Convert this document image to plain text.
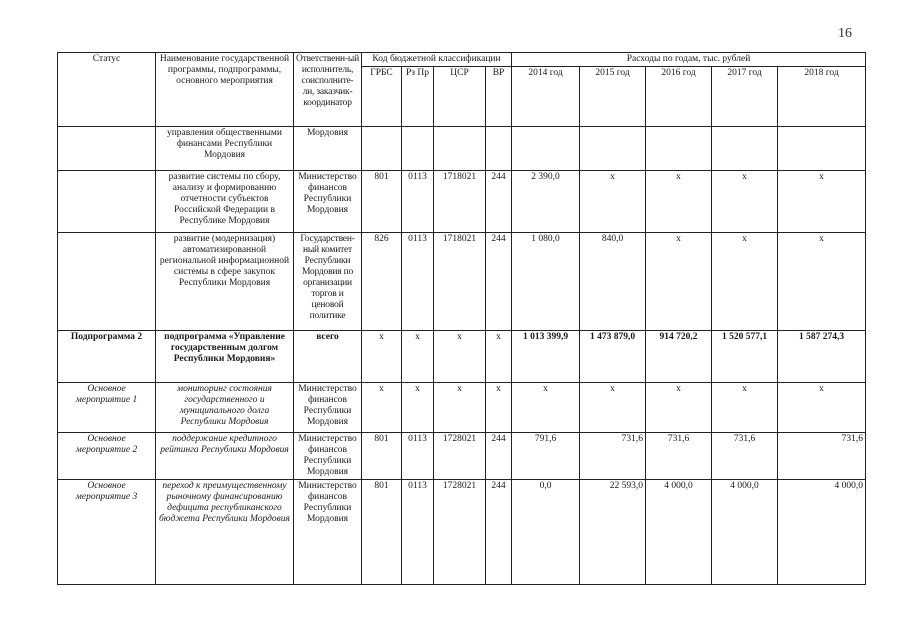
16
Статус	Наименование государственной программы, подпрограммы, основного мероприятия	Ответственн-ый исполнитель, соисполните-ли, заказчик-координатор	Код бюджетной классификации				Расходы по годам, тыс. рублей				
			ГРБС	Рз Пр	ЦСР	ВР	2014 год	2015 год	2016 год	2017 год	2018 год
	управления общественными финансами Республики Мордовия	Мордовия									
	развитие системы по сбору, анализу и формированию отчетности субъектов Российской Федерации в Республике Мордовия	Министерство финансов Республики Мордовия	801	0113	1718021	244	2 390,0	х	х	х	х
	развитие (модернизация) автоматизированной региональной информационной системы в сфере закупок Республики Мордовия	Государствен-ный комитет Республики Мордовия по организации торгов и ценовой политике	826	0113	1718021	244	1 080,0	840,0	х	х	х
Подпрограмма 2	подпрограмма «Управление государственным долгом Республики Мордовия»	всего	х	х	х	х	1 013 399,9	1 473 879,0	914 720,2	1 520 577,1	1 587 274,3
Основное мероприятие 1	мониторинг состояния государственного и муниципального долга Республики Мордовия	Министерство финансов Республики Мордовия	х	х	х	х	х	х	х	х	х
Основное мероприятие 2	поддержание кредитного рейтинга Республики Мордовия	Министерство финансов Республики Мордовия	801	0113	1728021	244	791,6	731,6	731,6	731,6	731,6
Основное мероприятие 3	переход к преимущественному рыночному финансированию дефицита республиканского бюджета Республики Мордовия	Министерство финансов Республики Мордовия	801	0113	1728021	244	0,0	22 593,0	4 000,0	4 000,0	4 000,0
